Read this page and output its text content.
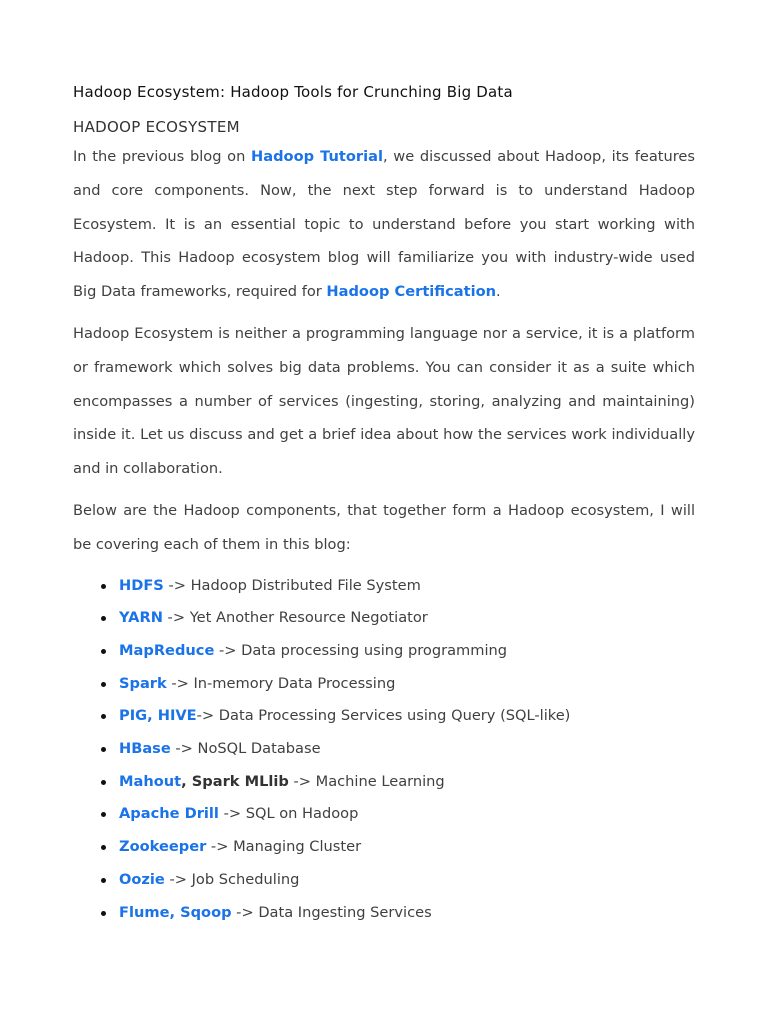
Hadoop Ecosystem: Hadoop Tools for Crunching Big Data
HADOOP ECOSYSTEM

In the previous blog on Hadoop Tutorial, we discussed about Hadoop, its features and core components. Now, the next step forward is to understand Hadoop Ecosystem. It is an essential topic to understand before you start working with Hadoop. This Hadoop ecosystem blog will familiarize you with industry-wide used Big Data frameworks, required for Hadoop Certification.

Hadoop Ecosystem is neither a programming language nor a service, it is a platform or framework which solves big data problems. You can consider it as a suite which encompasses a number of services (ingesting, storing, analyzing and maintaining) inside it. Let us discuss and get a brief idea about how the services work individually and in collaboration.

Below are the Hadoop components, that together form a Hadoop ecosystem, I will be covering each of them in this blog:

HDFS -> Hadoop Distributed File System
YARN -> Yet Another Resource Negotiator
MapReduce -> Data processing using programming
Spark -> In-memory Data Processing
PIG, HIVE-> Data Processing Services using Query (SQL-like)
HBase -> NoSQL Database
Mahout, Spark MLlib -> Machine Learning
Apache Drill -> SQL on Hadoop
Zookeeper -> Managing Cluster
Oozie -> Job Scheduling
Flume, Sqoop -> Data Ingesting Services
